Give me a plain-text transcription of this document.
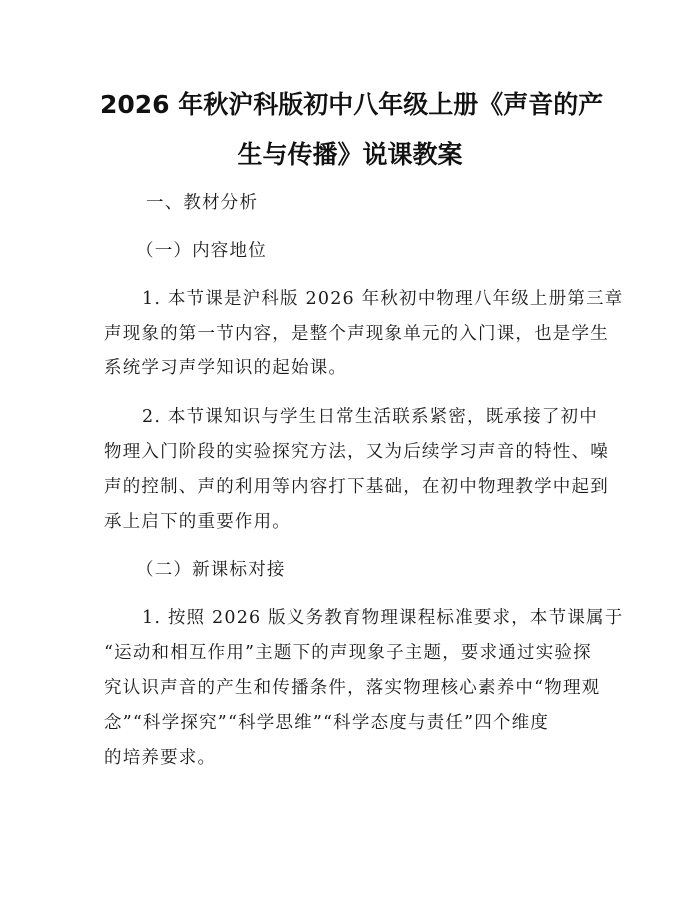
2026 年秋沪科版初中八年级上册《声音的产
生与传播》说课教案
一、教材分析
（一）内容地位
1. 本节课是沪科版 2026 年秋初中物理八年级上册第三章
声现象的第一节内容，是整个声现象单元的入门课，也是学生
系统学习声学知识的起始课。
2. 本节课知识与学生日常生活联系紧密，既承接了初中
物理入门阶段的实验探究方法，又为后续学习声音的特性、噪
声的控制、声的利用等内容打下基础，在初中物理教学中起到
承上启下的重要作用。
（二）新课标对接
1. 按照 2026 版义务教育物理课程标准要求，本节课属于
“运动和相互作用”主题下的声现象子主题，要求通过实验探
究认识声音的产生和传播条件，落实物理核心素养中“物理观
念”“科学探究”“科学思维”“科学态度与责任”四个维度
的培养要求。
